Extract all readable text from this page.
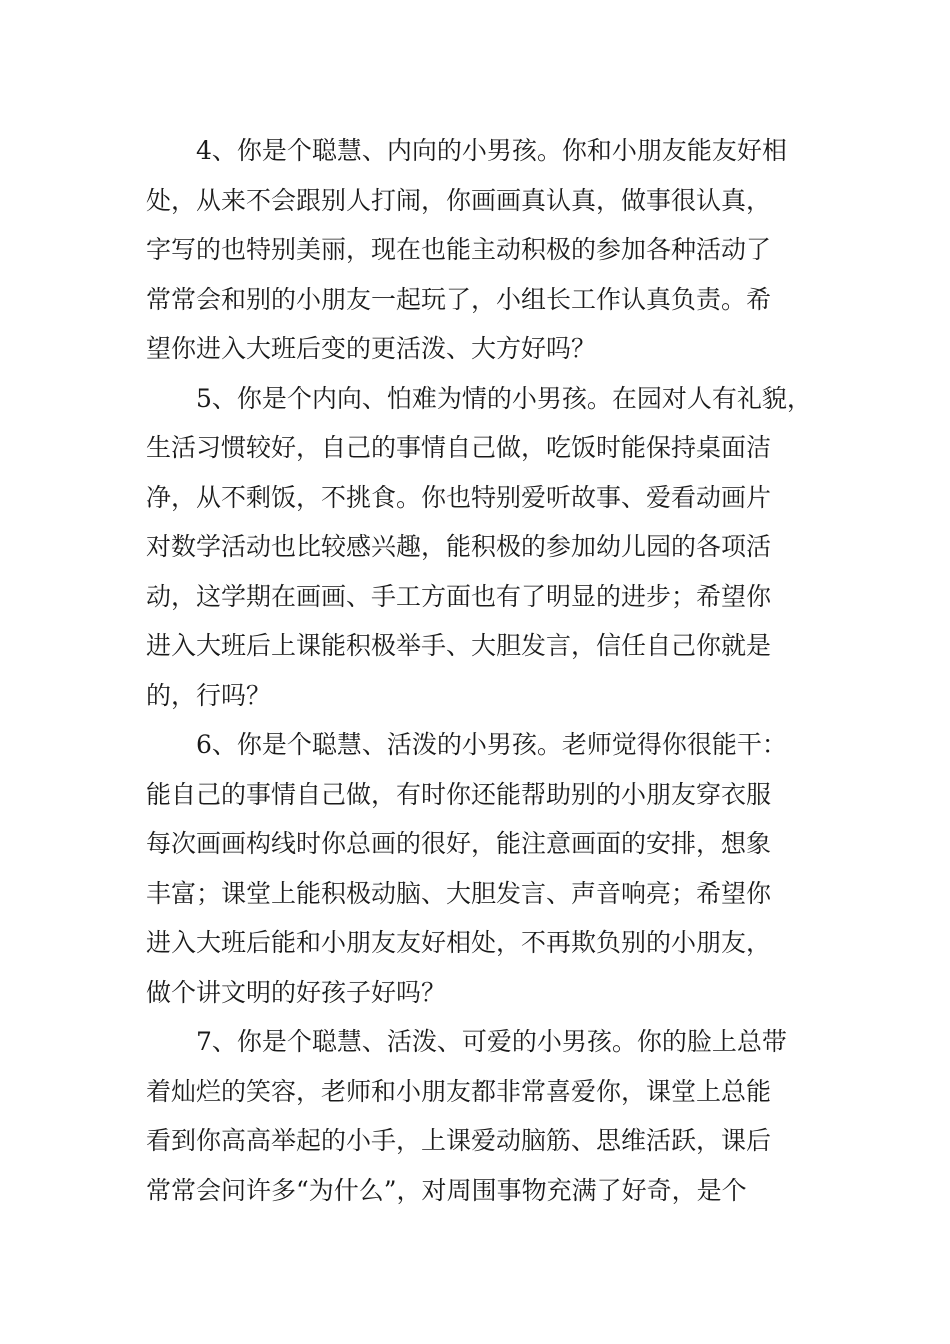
4、你是个聪慧、内向的小男孩。你和小朋友能友好相
处，从来不会跟别人打闹，你画画真认真，做事很认真，
字写的也特别美丽，现在也能主动积极的参加各种活动了
常常会和别的小朋友一起玩了，小组长工作认真负责。希
望你进入大班后变的更活泼、大方好吗？
5、你是个内向、怕难为情的小男孩。在园对人有礼貌，
生活习惯较好，自己的事情自己做，吃饭时能保持桌面洁
净，从不剩饭，不挑食。你也特别爱听故事、爱看动画片
对数学活动也比较感兴趣，能积极的参加幼儿园的各项活
动，这学期在画画、手工方面也有了明显的进步；希望你
进入大班后上课能积极举手、大胆发言，信任自己你就是
的，行吗？
6、你是个聪慧、活泼的小男孩。老师觉得你很能干：
能自己的事情自己做，有时你还能帮助别的小朋友穿衣服
每次画画构线时你总画的很好，能注意画面的安排，想象
丰富；课堂上能积极动脑、大胆发言、声音响亮；希望你
进入大班后能和小朋友友好相处，不再欺负别的小朋友，
做个讲文明的好孩子好吗？
7、你是个聪慧、活泼、可爱的小男孩。你的脸上总带
着灿烂的笑容，老师和小朋友都非常喜爱你，课堂上总能
看到你高高举起的小手，上课爱动脑筋、思维活跃，课后
常常会问许多“为什么”，对周围事物充满了好奇，是个
